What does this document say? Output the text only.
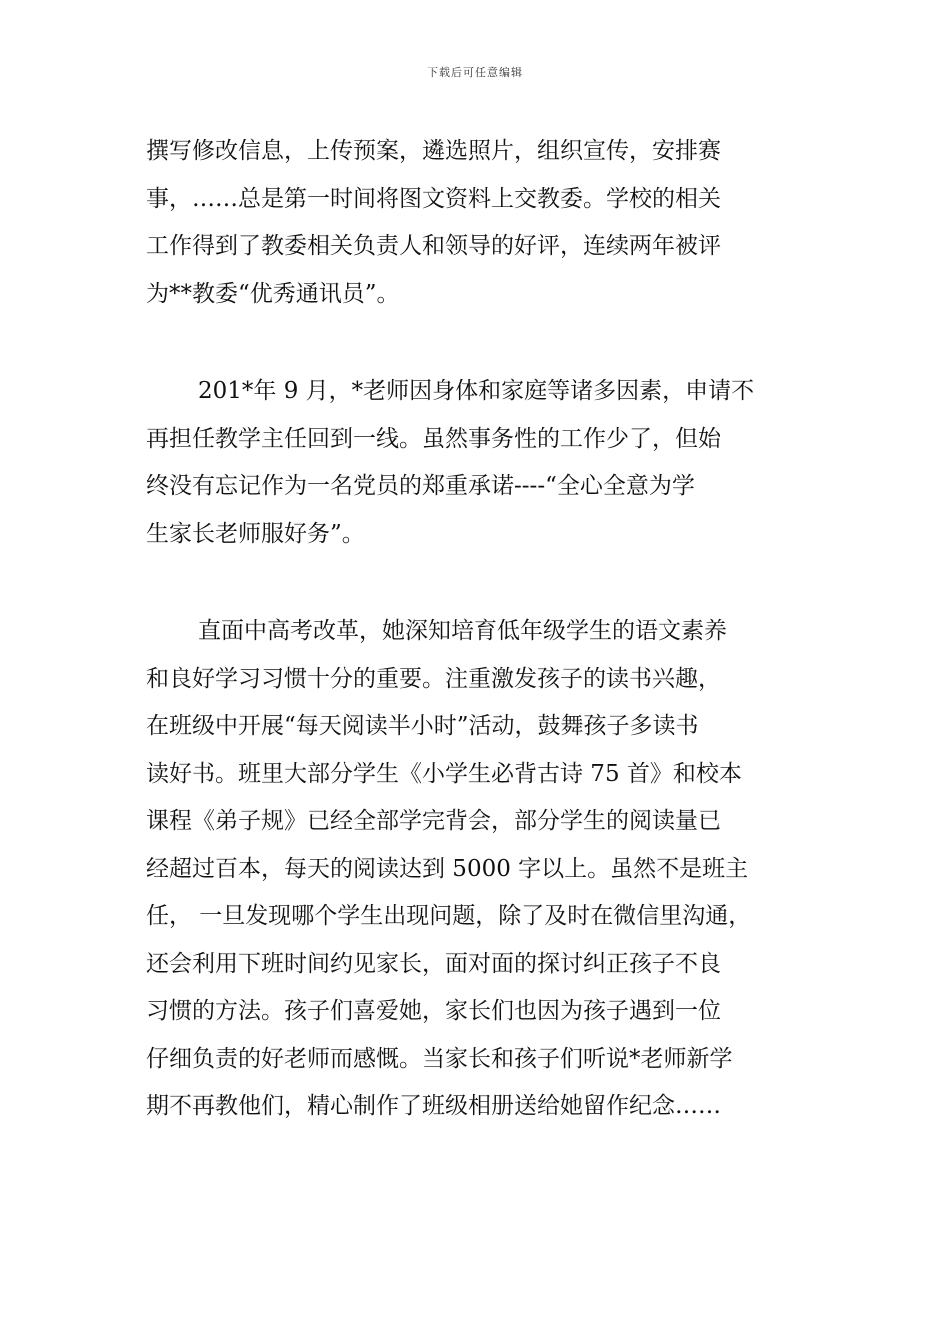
下载后可任意编辑
撰写修改信息，上传预案，遴选照片，组织宣传，安排赛
事，……总是第一时间将图文资料上交教委。学校的相关
工作得到了教委相关负责人和领导的好评，连续两年被评
为**教委“优秀通讯员”。
201*年 9 月，*老师因身体和家庭等诸多因素，申请不
再担任教学主任回到一线。虽然事务性的工作少了，但始
终没有忘记作为一名党员的郑重承诺----“全心全意为学
生家长老师服好务”。
直面中高考改革，她深知培育低年级学生的语文素养
和良好学习习惯十分的重要。注重激发孩子的读书兴趣，
在班级中开展“每天阅读半小时”活动，鼓舞孩子多读书
读好书。班里大部分学生《小学生必背古诗 75 首》和校本
课程《弟子规》已经全部学完背会，部分学生的阅读量已
经超过百本，每天的阅读达到 5000 字以上。虽然不是班主
任， 一旦发现哪个学生出现问题，除了及时在微信里沟通，
还会利用下班时间约见家长，面对面的探讨纠正孩子不良
习惯的方法。孩子们喜爱她，家长们也因为孩子遇到一位
仔细负责的好老师而感慨。当家长和孩子们听说*老师新学
期不再教他们，精心制作了班级相册送给她留作纪念……
